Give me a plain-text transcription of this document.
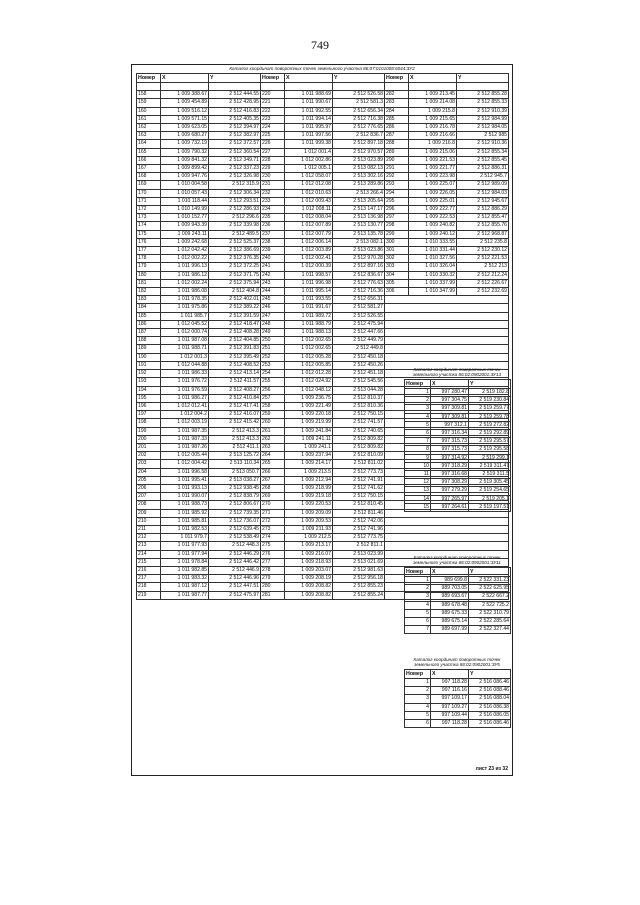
749
Каталог координат поворотных точек земельного участка 86:07:0101008:6044:ЗУ2
Номер	X	Y	Номер	X	Y	Номер	X	Y

158	1 009 388.67	2 512 444.55	220	1 011 988.69	2 512 526.58	282	1 009 213.45	2 512 855.28
159	1 009 454.89	2 512 428.95	221	1 011 990.67	2 512 581.3	283	1 009 214.08	2 512 855.33
160	1 009 516.12	2 512 416.83	222	1 011 992.55	2 512 656.34	284	1 009 215.8	2 512 910.39
161	1 009 571.15	2 512 405.35	223	1 011 994.14	2 512 716.38	285	1 009 215.65	2 512 984.99
162	1 009 623.05	2 512 394.97	224	1 011 995.97	2 512 776.65	286	1 009 216.78	2 512 984.05
163	1 009 680.27	2 512 382.97	225	1 011 997.56	2 512 836.7	287	1 009 216.66	2 512 985
164	1 009 732.19	2 512 372.57	226	1 011 999.38	2 512 897.18	288	1 009 216.8	2 512 910.36
165	1 009 790.32	2 512 360.54	227	1 012 001.4	2 512 970.57	289	1 009 215.06	2 512 855.34
166	1 009 841.32	2 512 349.71	228	1 012 002.86	2 513 023.89	290	1 009 221.53	2 512 855.45
167	1 009 899.42	2 512 337.23	229	1 012 005.1	2 513 082.13	291	1 009 221.77	2 512 886.31
168	1 009 947.76	2 512 326.98	230	1 012 058.07	2 513 302.16	292	1 009 223.98	2 512 945.7
169	1 010 004.58	2 512 315.9	231	1 012 012.08	2 513 289.86	293	1 009 225.07	2 512 989.09
170	1 010 057.43	2 512 306.34	232	1 012 010.63	2 513 266.4	294	1 009 226.05	2 512 984.03
171	1 010 118.44	2 512 293.51	233	1 012 009.43	2 513 205.64	295	1 009 225.01	2 512 945.67
172	1 010 149.99	2 512 286.93	234	1 012 008.11	2 513 147.17	296	1 009 222.77	2 512 886.29
173	1 010 152.77	2 512 296.6	235	1 012 008.04	2 513 136.98	297	1 009 222.53	2 512 855.47
174	1 009 943.39	2 512 339.98	236	1 012 007.89	2 513 130.77	298	1 009 240.82	2 512 855.76
175	1 009 243.11	2 512 489.5	237	1 012 007.79	2 513 135.78	299	1 009 240.12	2 512 968.87
176	1 009 242.68	2 512 525.37	238	1 012 006.14	2 513 082.1	300	1 010 333.55	2 512 235.8
177	1 012 042.42	2 512 386.69	239	1 012 003.89	2 513 023.86	301	1 010 331.44	2 512 230.12
178	1 012 002.22	2 512 376.35	240	1 012 002.41	2 512 970.28	302	1 010 327.56	2 512 221.53
179	1 011 996.13	2 512 372.25	241	1 012 000.39	2 512 897.16	303	1 010 326.04	2 512 213
180	1 011 986.12	2 512 371.75	242	1 011 998.57	2 512 836.67	304	1 010 330.32	2 512 212.24
181	1 012 002.24	2 512 375.94	243	1 011 996.98	2 512 776.63	305	1 010 337.99	2 512 226.67
182	1 011 986.08	2 512 404.8	244	1 011 995.14	2 512 716.36	306	1 010 347.99	2 512 232.69
183	1 011 978.35	2 512 402.01	245	1 011 993.55	2 512 656.31			
184	1 011 975.86	2 512 389.22	246	1 011 991.67	2 512 581.27			
185	1 011 985.7	2 512 391.59	247	1 011 989.72	2 512 526.55			
186	1 012 045.52	2 512 418.47	248	1 011 988.79	2 512 475.94			
187	1 012 000.74	2 512 408.28	249	1 011 988.13	2 512 447.66			
188	1 011 987.08	2 512 404.85	250	1 012 002.65	2 512 449.79			
189	1 011 988.71	2 512 391.83	251	1 012 002.65	2 512 449.8			
190	1 012 001.3	2 512 395.49	252	1 012 005.28	2 512 450.18			
191	1 012 044.88	2 512 408.52	253	1 012 005.85	2 512 450.26			
192	1 011 986.33	2 512 413.14	254	1 012 012.28	2 512 451.18			
193	1 011 976.72	2 512 411.57	255	1 012 024.92	2 512 545.56			
194	1 011 976.59	2 512 408.27	256	1 012 048.12	2 513 044.28			
195	1 011 986.27	2 512 410.84	257	1 009 236.75	2 512 810.37			
196	1 012 012.41	2 512 417.41	258	1 009 221.49	2 512 810.36			
197	1 012 004.2	2 512 416.07	259	1 009 220.18	2 512 750.15			
198	1 012 003.19	2 512 415.42	260	1 009 219.99	2 512 741.57			
199	1 011 987.35	2 512 413.3	261	1 009 241.84	2 512 740.65			
200	1 011 987.33	2 512 413.3	262	1 009 241.11	2 512 809.82			
201	1 011 987.26	2 512 411.1	263	1 009 241.1	2 512 809.82			
202	1 012 005.44	2 513 125.72	264	1 009 237.94	2 512 810.09			
203	1 012 004.42	2 513 110.34	265	1 009 214.17	2 512 811.02			
204	1 011 996.58	2 513 050.7	266	1 009 213.5	2 512 773.73			
205	1 011 995.41	2 513 038.27	267	1 009 212.94	2 512 741.91			
206	1 011 993.13	2 512 938.45	268	1 009 218.99	2 512 741.62			
207	1 011 990.07	2 512 838.79	269	1 009 219.18	2 512 750.15			
208	1 011 988.73	2 512 806.67	270	1 009 220.53	2 512 810.45			
209	1 011 985.92	2 512 739.35	271	1 009 209.09	2 512 811.46			
210	1 011 985.81	2 512 736.07	272	1 009 209.53	2 512 742.06			
211	1 011 982.53	2 512 639.45	273	1 009 211.93	2 512 741.96			
212	1 011 979.7	2 512 538.49	274	1 009 212.5	2 512 773.75			
213	1 011 977.93	2 512 448.3	275	1 009 213.17	2 512 811.1			
214	1 011 977.94	2 512 446.29	276	1 009 216.07	2 513 023.99			
215	1 011 978.84	2 512 446.42	277	1 009 218.93	2 513 021.69			
216	1 011 982.85	2 512 446.9	278	1 009 203.07	2 512 981.63			
217	1 011 983.32	2 512 446.96	279	1 009 208.19	2 512 956.18			
218	1 011 987.12	2 512 447.51	280	1 009 208.82	2 512 855.23			
219	1 011 987.77	2 512 475.97	281	1 009 208.82	2 512 855.24			
Каталог координат поворотных точек
земельного участка 86:02:0902001:ЗУ13
Номер	X	Y
1	997 280.47	2 519 182.8
2	997 304.75	2 519 230.84
3	997 309.81	2 519 259.77
4	997 309.81	2 519 259.78
5	997 312.1	2 519 272.82
6	997 316.34	2 519 292.89
7	997 315.73	2 519 295.57
8	997 315.73	2 519 295.58
9	997 314.92	2 519 299.1
10	997 318.29	2 519 311.47
11	997 316.68	2 519 311.5
12	997 308.29	2 519 305.45
13	997 279.29	2 519 254.65
14	997 265.97	2 519 205.1
15	997 264.61	2 519 197.51
Каталог координат поворотных точек
земельного участка 86:02:0902001:ЗУ11
Номер	X	Y
1	989 699.8	2 522 331.23
2	989 703.05	2 522 625.95
3	989 693.67	2 522 667.2
4	989 678.48	2 522 725.2
5	989 675.33	2 522 310.79
6	989 675.14	2 522 285.64
7	989 697.99	2 522 327.44
Каталог координат поворотных точек
земельного участка 86:02:0902001:ЗУ5
Номер	X	Y
1	997 118.28	2 516 086.46
2	997 116.16	2 516 088.46
3	997 109.17	2 516 088.04
4	997 109.27	2 516 086.38
5	997 109.44	2 516 086.05
6	997 118.28	2 516 086.46
лист 23 из 32
